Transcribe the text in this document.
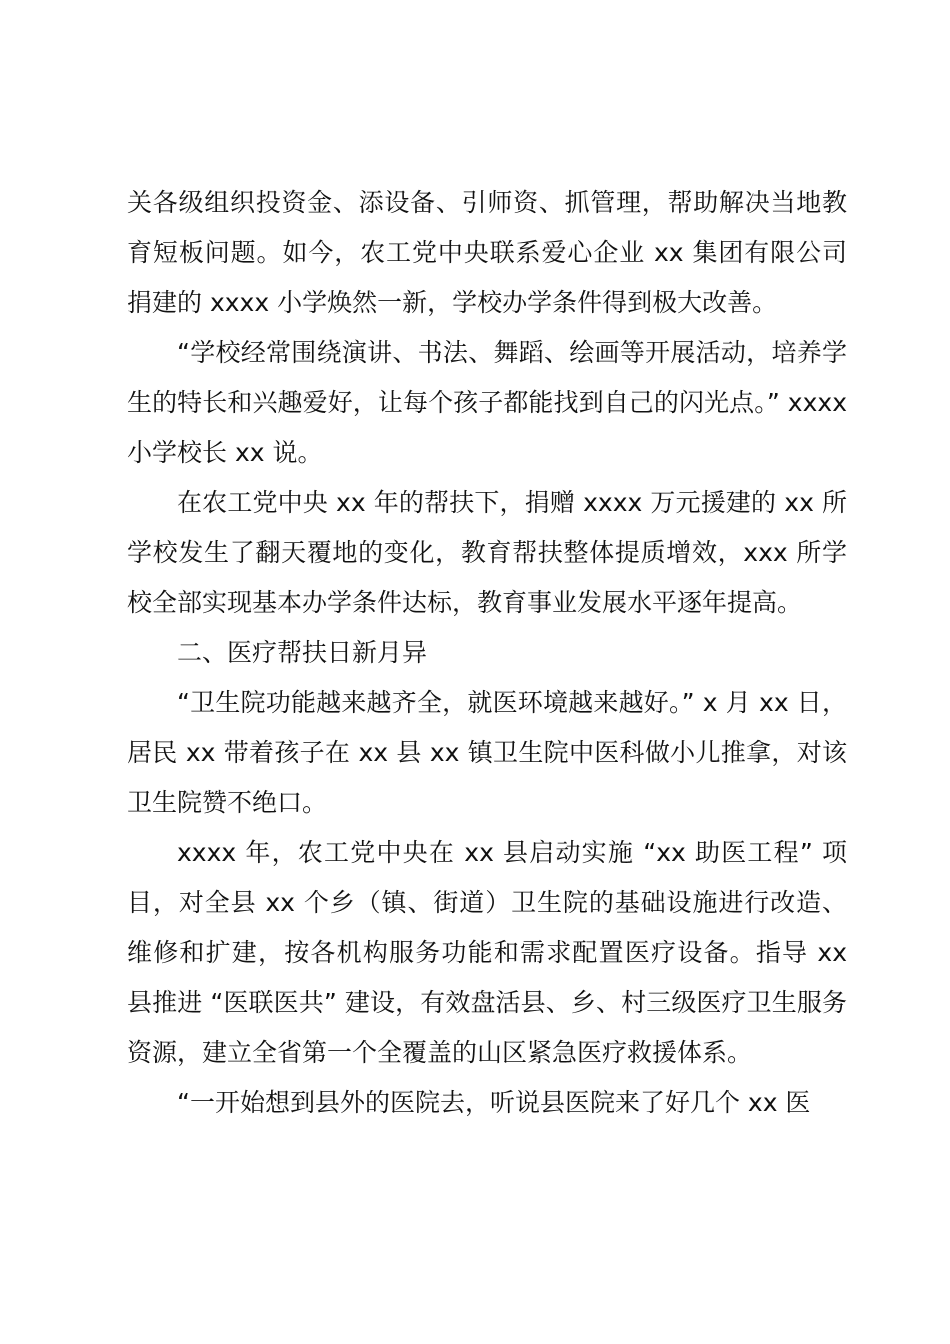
关各级组织投资金、添设备、引师资、抓管理，帮助解决当地教育短板问题。如今，农工党中央联系爱心企业 xx 集团有限公司捐建的 xxxx 小学焕然一新，学校办学条件得到极大改善。

“学校经常围绕演讲、书法、舞蹈、绘画等开展活动，培养学生的特长和兴趣爱好，让每个孩子都能找到自己的闪光点。” xxxx 小学校长 xx 说。

在农工党中央 xx 年的帮扶下，捐赠 xxxx 万元援建的 xx 所学校发生了翻天覆地的变化，教育帮扶整体提质增效，xxx 所学校全部实现基本办学条件达标，教育事业发展水平逐年提高。

二、医疗帮扶日新月异

“卫生院功能越来越齐全，就医环境越来越好。” x 月 xx 日，居民 xx 带着孩子在 xx 县 xx 镇卫生院中医科做小儿推拿，对该卫生院赞不绝口。

xxxx 年，农工党中央在 xx 县启动实施 “xx 助医工程” 项目，对全县 xx 个乡（镇、街道）卫生院的基础设施进行改造、维修和扩建，按各机构服务功能和需求配置医疗设备。指导 xx 县推进 “医联医共” 建设，有效盘活县、乡、村三级医疗卫生服务资源，建立全省第一个全覆盖的山区紧急医疗救援体系。

“一开始想到县外的医院去，听说县医院来了好几个 xx 医
